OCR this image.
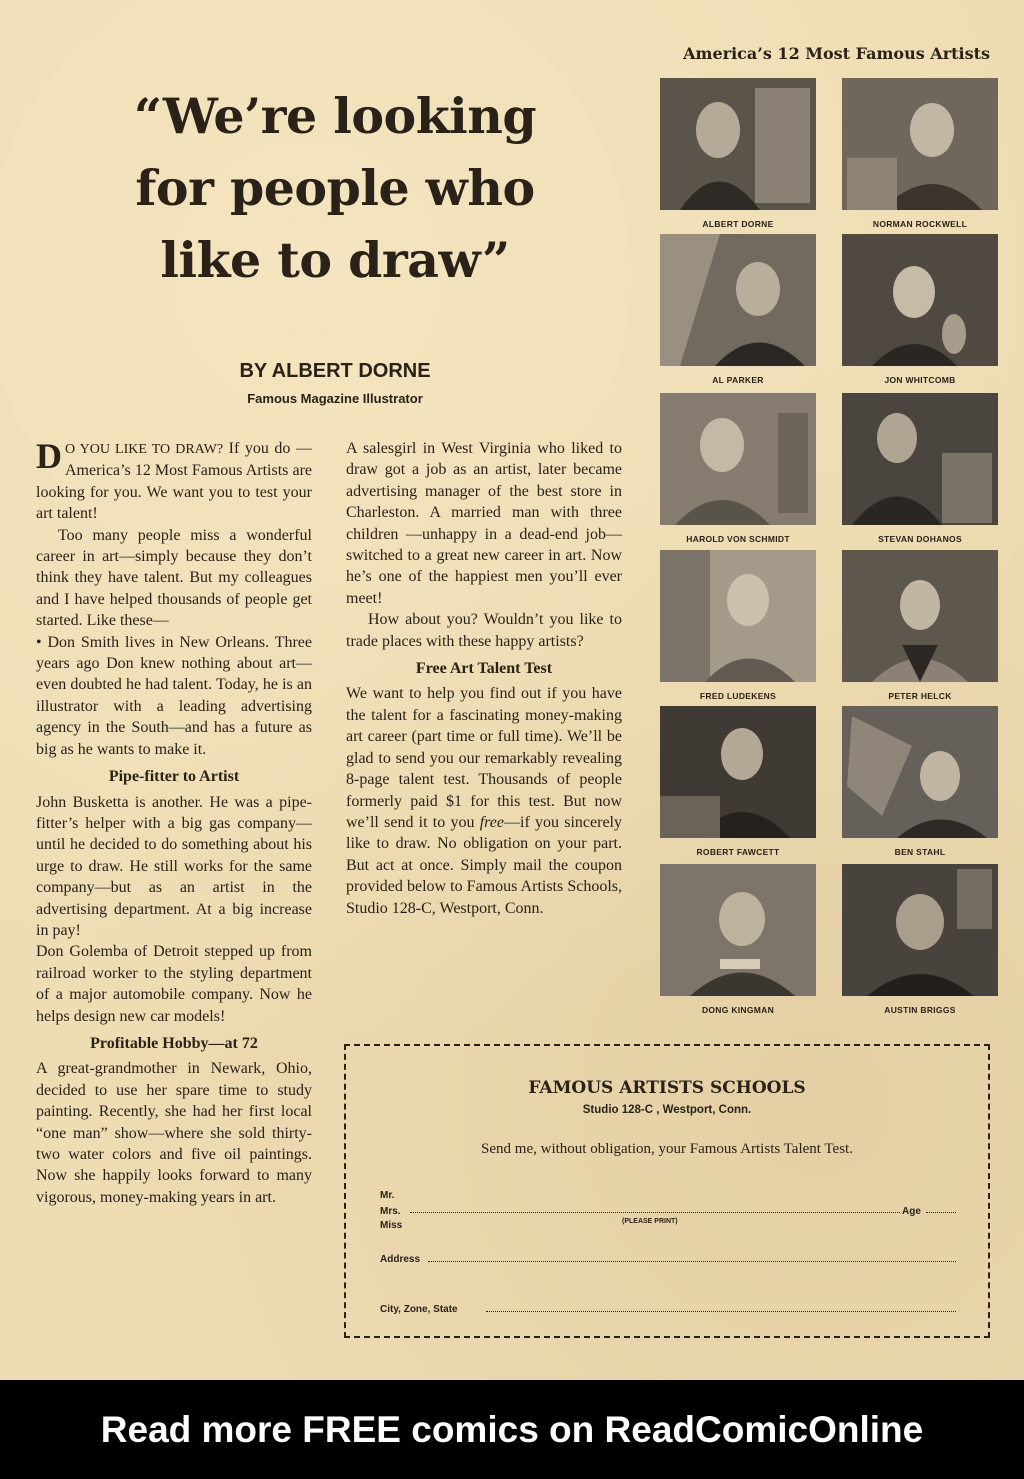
“We’re looking for people who like to draw”
BY ALBERT DORNE
Famous Magazine Illustrator

D O YOU LIKE TO DRAW? If you do —America’s 12 Most Famous Artists are looking for you. We want you to test your art talent!

Too many people miss a wonderful career in art—simply because they don’t think they have talent. But my colleagues and I have helped thousands of people get started. Like these—

• Don Smith lives in New Orleans. Three years ago Don knew nothing about art—even doubted he had talent. Today, he is an illustrator with a leading advertising agency in the South—and has a future as big as he wants to make it.

Pipe-fitter to Artist

John Busketta is another. He was a pipe-fitter’s helper with a big gas company—until he decided to do something about his urge to draw. He still works for the same company—but as an artist in the advertising department. At a big increase in pay!

Don Golemba of Detroit stepped up from railroad worker to the styling department of a major automobile company. Now he helps design new car models!

Profitable Hobby—at 72

A great-grandmother in Newark, Ohio, decided to use her spare time to study painting. Recently, she had her first local “one man” show—where she sold thirty-two water colors and five oil paintings. Now she happily looks forward to many vigorous, money-making years in art.

A salesgirl in West Virginia who liked to draw got a job as an artist, later became advertising manager of the best store in Charleston. A married man with three children —unhappy in a dead-end job— switched to a great new career in art. Now he’s one of the happiest men you’ll ever meet!

How about you? Wouldn’t you like to trade places with these happy artists?

Free Art Talent Test

We want to help you find out if you have the talent for a fascinating money-making art career (part time or full time). We’ll be glad to send you our remarkably revealing 8-page talent test. Thousands of people formerly paid $1 for this test. But now we’ll send it to you free—if you sincerely like to draw. No obligation on your part. But act at once. Simply mail the coupon provided below to Famous Artists Schools, Studio 128-C, Westport, Conn.

America’s 12 Most Famous Artists
ALBERT DORNE	NORMAN ROCKWELL
AL PARKER	JON WHITCOMB
HAROLD VON SCHMIDT	STEVAN DOHANOS
FRED LUDEKENS	PETER HELCK
ROBERT FAWCETT	BEN STAHL
DONG KINGMAN	AUSTIN BRIGGS
FAMOUS ARTISTS SCHOOLS
Studio 128-C , Westport, Conn.
Send me, without obligation, your Famous Artists Talent Test.
Mr.
Mrs.
Miss
Age
(PLEASE PRINT)
Address
City, Zone, State
Read more FREE comics on ReadComicOnline
